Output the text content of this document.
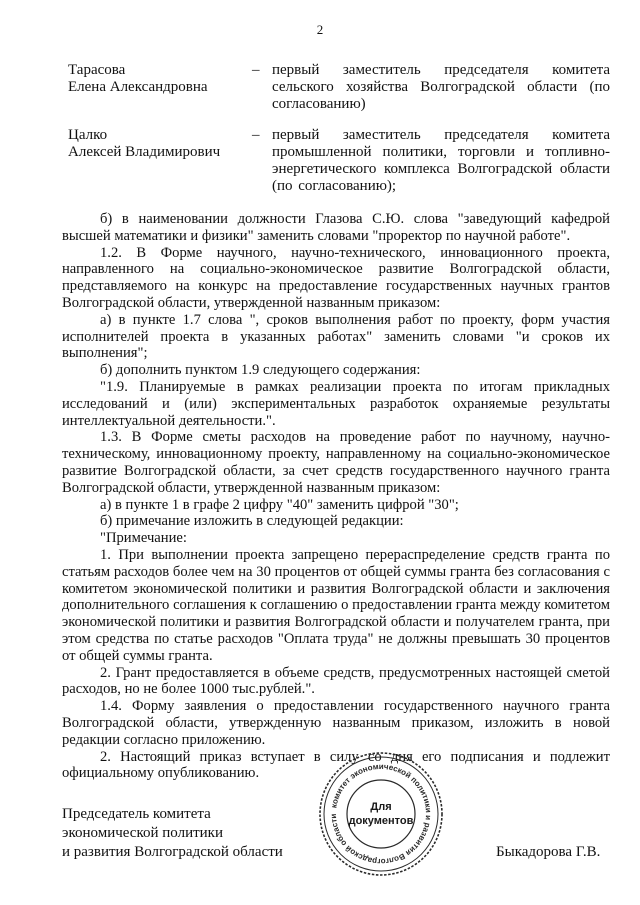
2
Тарасова
Елена Александровна
– первый заместитель председателя комитета сельского хозяйства Волгоградской области (по согласованию)
Цалко
Алексей Владимирович
– первый заместитель председателя комитета промышленной политики, торговли и топливно-энергетического комплекса Волгоградской области (по согласованию);

б) в наименовании должности Глазова С.Ю. слова "заведующий кафедрой высшей математики и физики" заменить словами "проректор по научной работе".

1.2. В Форме научного, научно-технического, инновационного проекта, направленного на социально-экономическое развитие Волгоградской области, представляемого на конкурс на предоставление государственных научных грантов Волгоградской области, утвержденной названным приказом:

а) в пункте 1.7 слова ", сроков выполнения работ по проекту, форм участия исполнителей проекта в указанных работах" заменить словами "и сроков их выполнения";

б) дополнить пунктом 1.9 следующего содержания:

"1.9. Планируемые в рамках реализации проекта по итогам прикладных исследований и (или) экспериментальных разработок охраняемые результаты интеллектуальной деятельности.".

1.3. В Форме сметы расходов на проведение работ по научному, научно-техническому, инновационному проекту, направленному на социально-экономическое развитие Волгоградской области, за счет средств государственного научного гранта Волгоградской области, утвержденной названным приказом:

а) в пункте 1 в графе 2 цифру "40" заменить цифрой "30";

б) примечание изложить в следующей редакции:

"Примечание:

1. При выполнении проекта запрещено перераспределение средств гранта по статьям расходов более чем на 30 процентов от общей суммы гранта без согласования с комитетом экономической политики и развития Волгоградской области и заключения дополнительного соглашения к соглашению о предоставлении гранта между комитетом экономической политики и развития Волгоградской области и получателем гранта, при этом средства по статье расходов "Оплата труда" не должны превышать 30 процентов от общей суммы гранта.

2. Грант предоставляется в объеме средств, предусмотренных настоящей сметой расходов, но не более 1000 тыс.рублей.".

1.4. Форму заявления о предоставлении государственного научного гранта Волгоградской области, утвержденную названным приказом, изложить в новой редакции согласно приложению.

2. Настоящий приказ вступает в силу со дня его подписания и подлежит официальному опубликованию.

Председатель комитета
экономической политики
и развития Волгоградской области
комитет экономической политики и развития Волгоградской области
Для
документов
Быкадорова Г.В.
